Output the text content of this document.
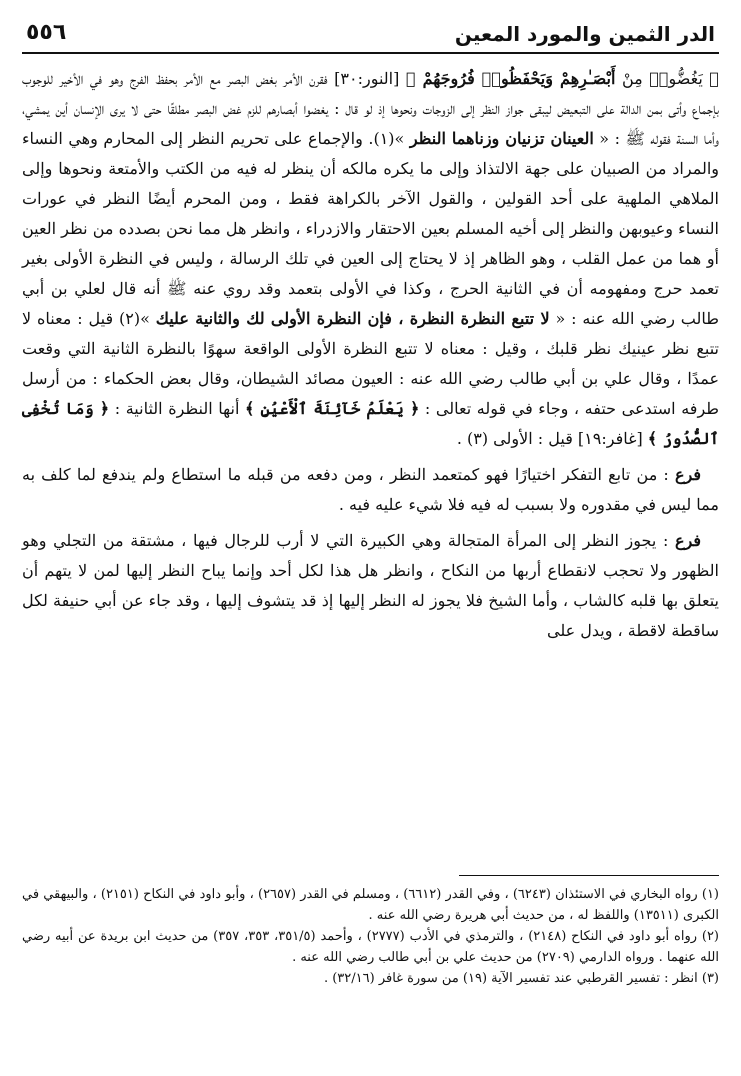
الدر الثمين والمورد المعين
٥٥٦

﴿ يَغُضُّوا۟ مِنْ أَبْصَـٰرِهِمْ وَيَحْفَظُوا۟ فُرُوجَهُمْ ﴾ [النور:٣٠] فقرن الأمر بغض البصر مع الأمر بحفظ الفرج وهو في الأخير للوجوب بإجماع وأتى بمن الدالة على التبعيض ليبقى جواز النظر إلى الزوجات ونحوها إذ لو قال : يغضوا أبصارهم للزم غض البصر مطلقًا حتى لا يرى الإنسان أين يمشي، وأما السنة فقوله ﷺ : « العينان تزنيان وزناهما النظر »(١). والإجماع على تحريم النظر إلى المحارم وهي النساء والمراد من الصبيان على جهة الالتذاذ وإلى ما يكره مالكه أن ينظر له فيه من الكتب والأمتعة ونحوها وإلى الملاهي الملهية على أحد القولين ، والقول الآخر بالكراهة فقط ، ومن المحرم أيضًا النظر في عورات النساء وعيوبهن والنظر إلى أخيه المسلم بعين الاحتقار والازدراء ، وانظر هل مما نحن بصدده من نظر العين أو هما من عمل القلب ، وهو الظاهر إذ لا يحتاج إلى العين في تلك الرسالة ، وليس في النظرة الأولى بغير تعمد حرج ومفهومه أن في الثانية الحرج ، وكذا في الأولى بتعمد وقد روي عنه ﷺ أنه قال لعلي بن أبي طالب رضي الله عنه : « لا تتبع النظرة النظرة ، فإن النظرة الأولى لك والثانية عليك »(٢) قيل : معناه لا تتبع نظر عينيك نظر قلبك ، وقيل : معناه لا تتبع النظرة الأولى الواقعة سهوًا بالنظرة الثانية التي وقعت عمدًا ، وقال علي بن أبي طالب رضي الله عنه : العيون مصائد الشيطان، وقال بعض الحكماء : من أرسل طرفه استدعى حتفه ، وجاء في قوله تعالى : ﴿ يَعْلَمُ خَآئِنَةَ ٱلْأَعْيُنِ ﴾ أنها النظرة الثانية : ﴿ وَمَا تُخْفِى ٱلصُّدُورُ ﴾ [غافر:١٩] قيل : الأولى (٣) .

فرع : من تابع التفكر اختيارًا فهو كمتعمد النظر ، ومن دفعه من قبله ما استطاع ولم يندفع لما كلف به مما ليس في مقدوره ولا بسبب له فيه فلا شيء عليه فيه .

فرع : يجوز النظر إلى المرأة المتجالة وهي الكبيرة التي لا أرب للرجال فيها ، مشتقة من التجلي وهو الظهور ولا تحجب لانقطاع أربها من النكاح ، وانظر هل هذا لكل أحد وإنما يباح النظر إليها لمن لا يتهم أن يتعلق بها قلبه كالشاب ، وأما الشيخ فلا يجوز له النظر إليها إذ قد يتشوف إليها ، وقد جاء عن أبي حنيفة لكل ساقطة لاقطة ، ويدل على

(١) رواه البخاري في الاستئذان (٦٢٤٣) ، وفي القدر (٦٦١٢) ، ومسلم في القدر (٢٦٥٧) ، وأبو داود في النكاح (٢١٥١) ، والبيهقي في الكبرى (١٣٥١١) واللفظ له ، من حديث أبي هريرة رضي الله عنه .

(٢) رواه أبو داود في النكاح (٢١٤٨) ، والترمذي في الأدب (٢٧٧٧) ، وأحمد (٣٥١/٥، ٣٥٣، ٣٥٧) من حديث ابن بريدة عن أبيه رضي الله عنهما . ورواه الدارمي (٢٧٠٩) من حديث علي بن أبي طالب رضي الله عنه .

(٣) انظر : تفسير القرطبي عند تفسير الآية (١٩) من سورة غافر (٣٢/١٦) .
